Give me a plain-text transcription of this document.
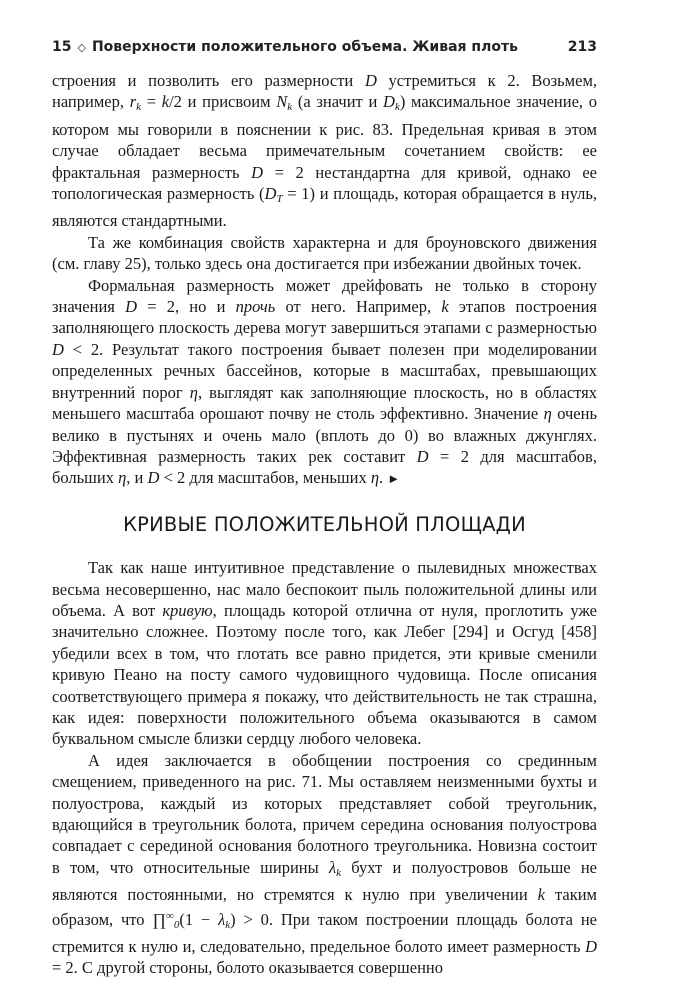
15 ◇ Поверхности положительного объема. Живая плоть	213

строения и позволить его размерности D устремиться к 2. Возьмем, например, $r_k = k/2$ и присвоим $N_k$ (а значит и $D_k$) максимальное значение, о котором мы говорили в пояснении к рис. 83. Предельная кривая в этом случае обладает весьма примечательным сочетанием свойств: ее фрактальная размерность D = 2 нестандартна для кривой, однако ее топологическая размерность $(D_T = 1)$ и площадь, которая обращается в нуль, являются стандартными.

Та же комбинация свойств характерна и для броуновского движения (см. главу 25), только здесь она достигается при избежании двойных точек.

Формальная размерность может дрейфовать не только в сторону значения D = 2, но и прочь от него. Например, k этапов построения заполняющего плоскость дерева могут завершиться этапами с размерностью D < 2. Результат такого построения бывает полезен при моделировании определенных речных бассейнов, которые в масштабах, превышающих внутренний порог η, выглядят как заполняющие плоскость, но в областях меньшего масштаба орошают почву не столь эффективно. Значение η очень велико в пустынях и очень мало (вплоть до 0) во влажных джунглях. Эффективная размерность таких рек составит D = 2 для масштабов, больших η, и D < 2 для масштабов, меньших η. ►

КРИВЫЕ ПОЛОЖИТЕЛЬНОЙ ПЛОЩАДИ

Так как наше интуитивное представление о пылевидных множествах весьма несовершенно, нас мало беспокоит пыль положительной длины или объема. А вот кривую, площадь которой отлична от нуля, проглотить уже значительно сложнее. Поэтому после того, как Лебег [294] и Осгуд [458] убедили всех в том, что глотать все равно придется, эти кривые сменили кривую Пеано на посту самого чудовищного чудовища. После описания соответствующего примера я покажу, что действительность не так страшна, как идея: поверхности положительного объема оказываются в самом буквальном смысле близки сердцу любого человека.

А идея заключается в обобщении построения со срединным смещением, приведенного на рис. 71. Мы оставляем неизменными бухты и полуострова, каждый из которых представляет собой треугольник, вдающийся в треугольник болота, причем середина основания полуострова совпадает с серединой основания болотного треугольника. Новизна состоит в том, что относительные ширины $\lambda_k$ бухт и полуостровов больше не являются постоянными, но стремятся к нулю при увеличении k таким образом, что $\prod^\infty_0(1 - \lambda_k) > 0$. При таком построении площадь болота не стремится к нулю и, следовательно, предельное болото имеет размерность D = 2. С другой стороны, болото оказывается совершенно
